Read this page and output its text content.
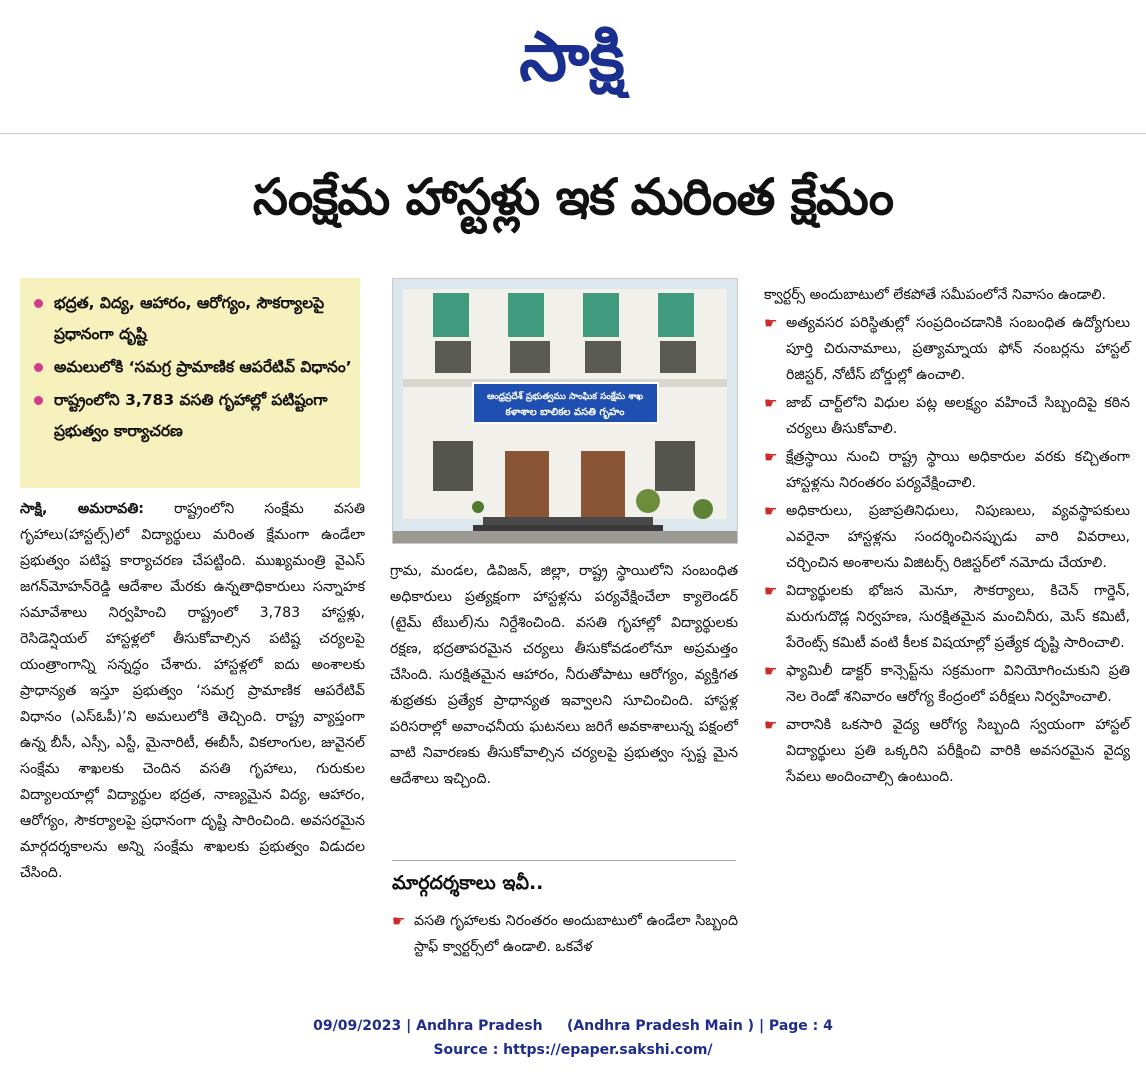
సాక్షి
సంక్షేమ హాస్టళ్లు ఇక మరింత క్షేమం
భద్రత, విద్య, ఆహారం, ఆరోగ్యం, సౌకర్యాలపై ప్రధానంగా దృష్టి
అమలులోకి ‘సమగ్ర ప్రామాణిక ఆపరేటివ్ విధానం’
రాష్ట్రంలోని 3,783 వసతి గృహాల్లో పటిష్టంగా ప్రభుత్వం కార్యాచరణ
సాక్షి, అమరావతి: రాష్ట్రంలోని సంక్షేమ వసతి గృహాలు(హాస్టల్స్)లో విద్యార్థులు మరింత క్షేమంగా ఉండేలా ప్రభుత్వం పటిష్ట కార్యాచరణ చేపట్టింది. ముఖ్యమంత్రి వైఎస్ జగన్‌మోహన్‌రెడ్డి ఆదేశాల మేరకు ఉన్నతాధికారులు సన్నాహక సమావేశాలు నిర్వహించి రాష్ట్రంలో 3,783 హాస్టళ్లు, రెసిడెన్షియల్ హాస్టళ్లలో తీసుకోవాల్సిన పటిష్ట చర్యలపై యంత్రాంగాన్ని సన్నద్ధం చేశారు. హాస్టళ్లలో ఐదు అంశాలకు ప్రాధాన్యత ఇస్తూ ప్రభుత్వం ‘సమగ్ర ప్రామాణిక ఆపరేటివ్ విధానం (ఎస్ఓపీ)’ని అమలులోకి తెచ్చింది. రాష్ట్ర వ్యాప్తంగా ఉన్న బీసీ, ఎస్సీ, ఎస్టీ, మైనారిటీ, ఈబీసీ, వికలాంగుల, జువైనల్ సంక్షేమ శాఖలకు చెందిన వసతి గృహాలు, గురుకుల విద్యాలయాల్లో విద్యార్థుల భద్రత, నాణ్యమైన విద్య, ఆహారం, ఆరోగ్యం, సౌకర్యాలపై ప్రధానంగా దృష్టి సారించింది. అవసరమైన మార్గదర్శకాలను అన్ని సంక్షేమ శాఖలకు ప్రభుత్వం విడుదల చేసింది.
ఆంధ్రప్రదేశ్ ప్రభుత్వము సాంఘిక సంక్షేమ శాఖ
కళాశాల బాలికల వసతి గృహం
గ్రామ, మండల, డివిజన్, జిల్లా, రాష్ట్ర స్థాయిలోని సంబంధిత అధికారులు ప్రత్యక్షంగా హాస్టళ్లను పర్యవేక్షించేలా క్యాలెండర్ (టైమ్ టేబుల్)ను నిర్దేశించింది. వసతి గృహాల్లో విద్యార్థులకు రక్షణ, భద్రతాపరమైన చర్యలు తీసుకోవడంలోనూ అప్రమత్తం చేసింది. సురక్షితమైన ఆహారం, నీరుతోపాటు ఆరోగ్యం, వ్యక్తిగత శుభ్రతకు ప్రత్యేక ప్రాధాన్యత ఇవ్వాలని సూచించింది. హాస్టళ్ల పరిసరాల్లో అవాంఛనీయ ఘటనలు జరిగే అవకాశాలున్న పక్షంలో వాటి నివారణకు తీసుకోవాల్సిన చర్యలపై ప్రభుత్వం స్పష్ట మైన ఆదేశాలు ఇచ్చింది.
మార్గదర్శకాలు ఇవీ..
☛ వసతి గృహాలకు నిరంతరం అందుబాటులో ఉండేలా సిబ్బంది స్టాఫ్ క్వార్టర్స్‌లో ఉండాలి. ఒకవేళ
క్వార్టర్స్ అందుబాటులో లేకపోతే సమీపంలోనే నివాసం ఉండాలి.
☛ అత్యవసర పరిస్థితుల్లో సంప్రదించడానికి సంబంధిత ఉద్యోగులు పూర్తి చిరునామాలు, ప్రత్యామ్నాయ ఫోన్ నంబర్లను హాస్టల్ రిజిస్టర్, నోటీస్ బోర్డుల్లో ఉంచాలి.
☛ జాబ్ చార్ట్‌లోని విధుల పట్ల అలక్ష్యం వహించే సిబ్బందిపై కఠిన చర్యలు తీసుకోవాలి.
☛ క్షేత్రస్థాయి నుంచి రాష్ట్ర స్థాయి అధికారుల వరకు కచ్చితంగా హాస్టళ్లను నిరంతరం పర్యవేక్షించాలి.
☛ అధికారులు, ప్రజాప్రతినిధులు, నిపుణులు, వ్యవస్థాపకులు ఎవరైనా హాస్టళ్లను సందర్శించినప్పుడు వారి వివరాలు, చర్చించిన అంశాలను విజిటర్స్ రిజిస్టర్‌లో నమోదు చేయాలి.
☛ విద్యార్థులకు భోజన మెనూ, సౌకర్యాలు, కిచెన్ గార్డెన్, మరుగుదొడ్ల నిర్వహణ, సురక్షితమైన మంచినీరు, మెస్ కమిటీ, పేరెంట్స్ కమిటీ వంటి కీలక విషయాల్లో ప్రత్యేక దృష్టి సారించాలి.
☛ ఫ్యామిలీ డాక్టర్ కాన్సెప్ట్‌ను సక్రమంగా వినియోగించుకుని ప్రతి నెల రెండో శనివారం ఆరోగ్య కేంద్రంలో పరీక్షలు నిర్వహించాలి.
☛ వారానికి ఒకసారి వైద్య ఆరోగ్య సిబ్బంది స్వయంగా హాస్టల్ విద్యార్థులు ప్రతి ఒక్కరిని పరీక్షించి వారికి అవసరమైన వైద్య సేవలు అందించాల్సి ఉంటుంది.
09/09/2023 | Andhra Pradesh     (Andhra Pradesh Main ) | Page : 4
Source : https://epaper.sakshi.com/
